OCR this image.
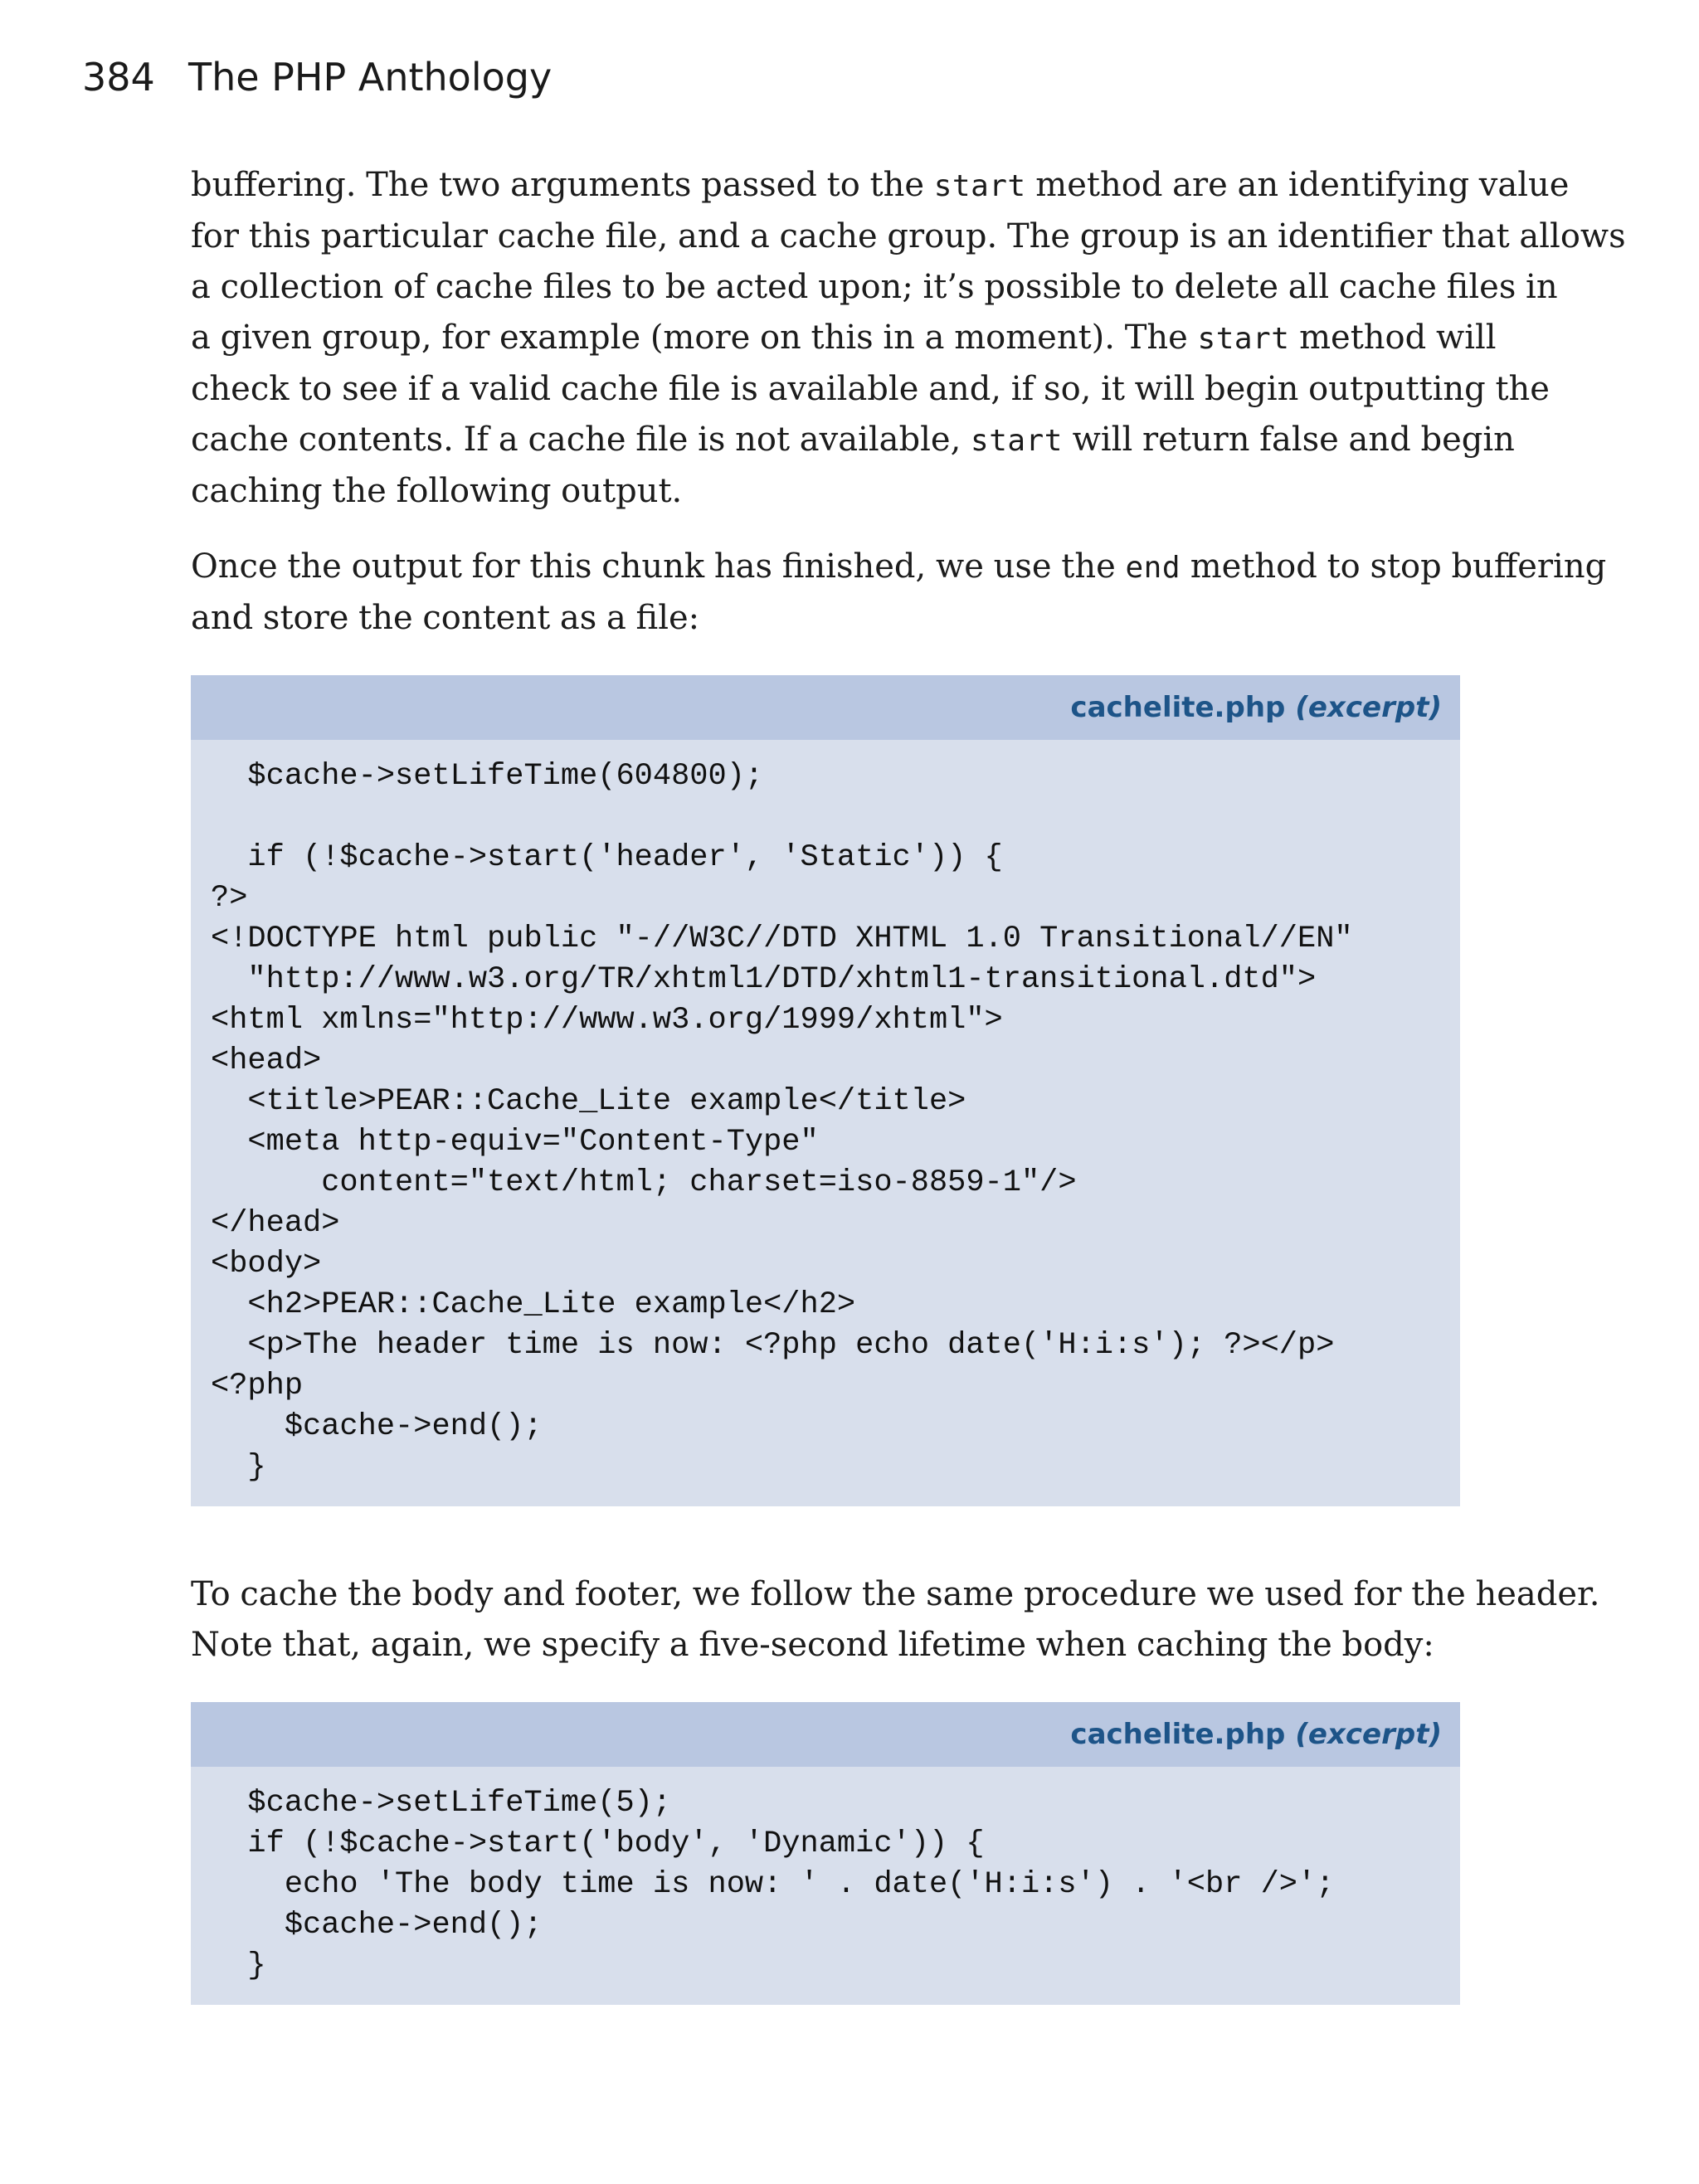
384 The PHP Anthology

buffering. The two arguments passed to the start method are an identifying value
for this particular cache file, and a cache group. The group is an identifier that allows
a collection of cache files to be acted upon; it’s possible to delete all cache files in
a given group, for example (more on this in a moment). The start method will
check to see if a valid cache file is available and, if so, it will begin outputting the
cache contents. If a cache file is not available, start will return false and begin
caching the following output.

Once the output for this chunk has finished, we use the end method to stop buffering
and store the content as a file:

cachelite.php (excerpt)
$cache->setLifeTime(604800);
if (!$cache->start('header', 'Static')) {
?>
<!DOCTYPE html public "-//W3C//DTD XHTML 1.0 Transitional//EN"
"http://www.w3.org/TR/xhtml1/DTD/xhtml1-transitional.dtd">
<html xmlns="http://www.w3.org/1999/xhtml">
<head>
<title>PEAR::Cache_Lite example</title>
<meta http-equiv="Content-Type"
content="text/html; charset=iso-8859-1"/>
</head>
<body>
<h2>PEAR::Cache_Lite example</h2>
<p>The header time is now: <?php echo date('H:i:s'); ?></p>
<?php
$cache->end();
}

To cache the body and footer, we follow the same procedure we used for the header.
Note that, again, we specify a five-second lifetime when caching the body:

cachelite.php (excerpt)
$cache->setLifeTime(5);
if (!$cache->start('body', 'Dynamic')) {
echo 'The body time is now: ' . date('H:i:s') . '<br />';
$cache->end();
}
